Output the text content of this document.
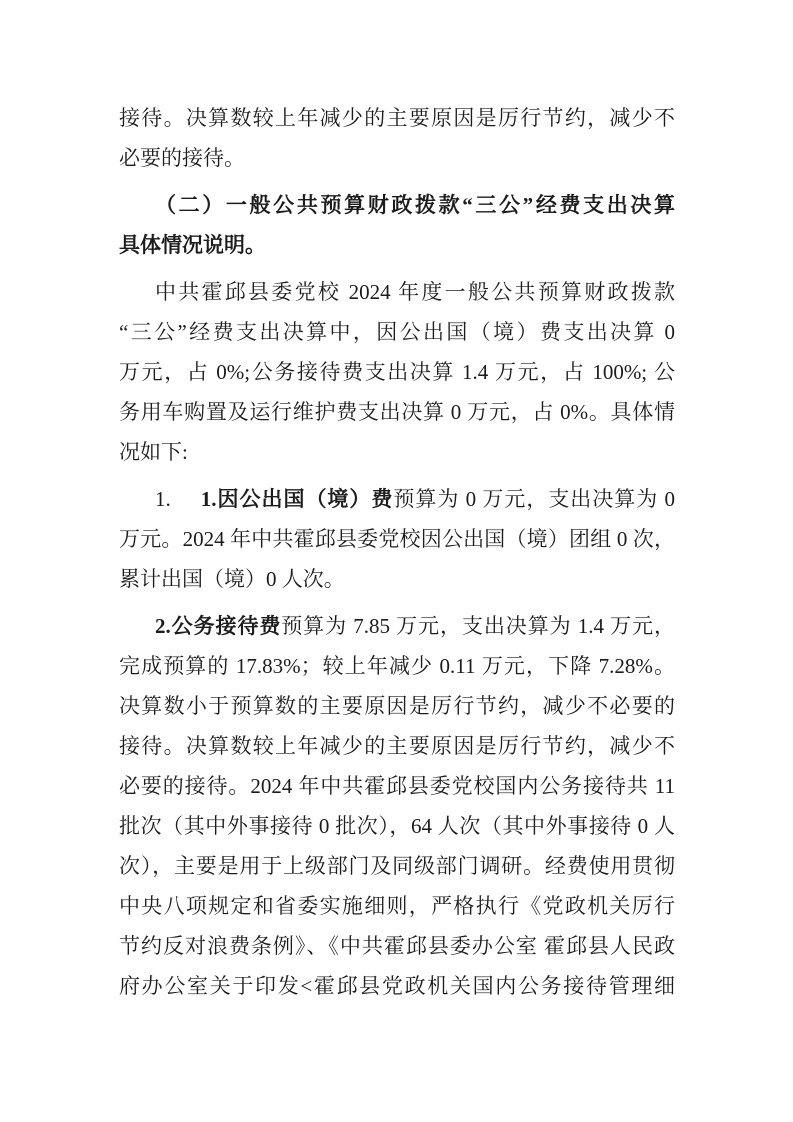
接待。决算数较上年减少的主要原因是厉行节约，减少不
必要的接待。
（二）一般公共预算财政拨款“三公”经费支出决算
具体情况说明。
中共霍邱县委党校 2024 年度一般公共预算财政拨款
“三公”经费支出决算中，因公出国（境）费支出决算 0
万元，占 0%;公务接待费支出决算 1.4 万元，占 100%; 公
务用车购置及运行维护费支出决算 0 万元，占 0%。具体情
况如下:
1. 1.因公出国（境）费预算为 0 万元，支出决算为 0
万元。2024 年中共霍邱县委党校因公出国（境）团组 0 次，
累计出国（境）0 人次。
2.公务接待费预算为 7.85 万元，支出决算为 1.4 万元，
完成预算的 17.83%；较上年减少 0.11 万元，下降 7.28%。
决算数小于预算数的主要原因是厉行节约，减少不必要的
接待。决算数较上年减少的主要原因是厉行节约，减少不
必要的接待。2024 年中共霍邱县委党校国内公务接待共 11
批次（其中外事接待 0 批次），64 人次（其中外事接待 0 人
次），主要是用于上级部门及同级部门调研。经费使用贯彻
中央八项规定和省委实施细则，严格执行《党政机关厉行
节约反对浪费条例》、《中共霍邱县委办公室 霍邱县人民政
府办公室关于印发<霍邱县党政机关国内公务接待管理细
